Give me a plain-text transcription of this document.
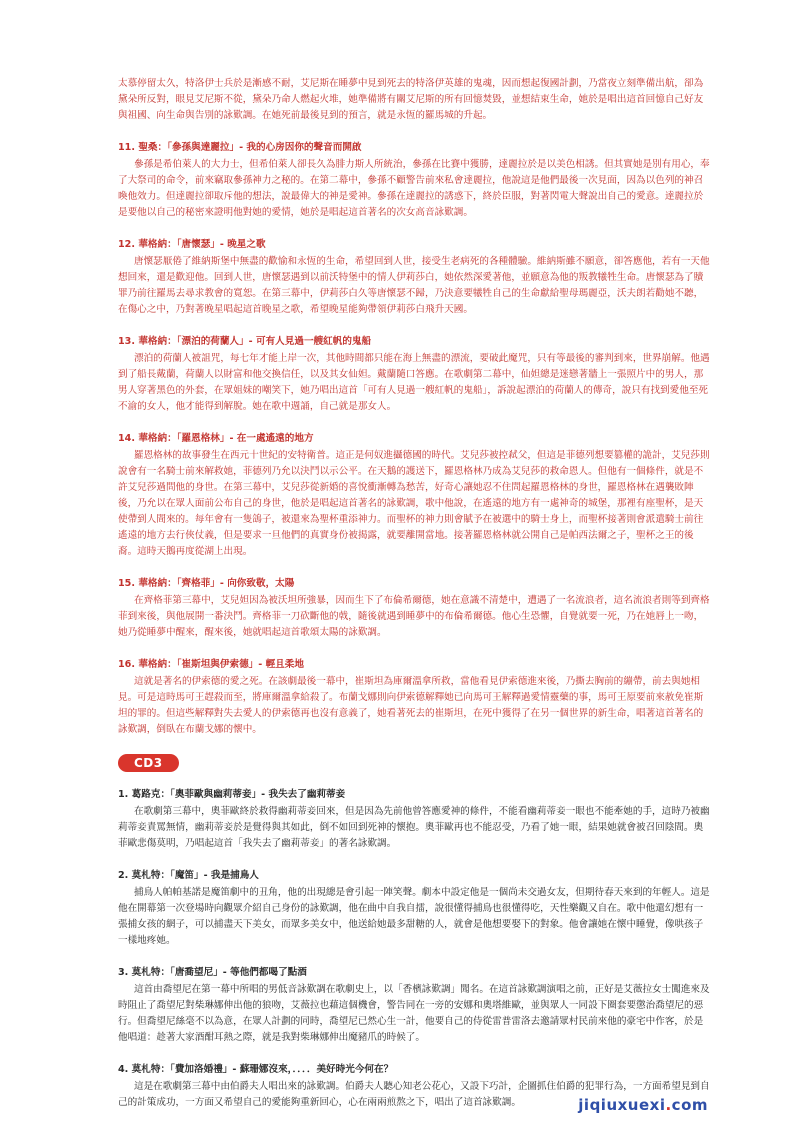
太慕停留太久，特洛伊士兵於是漸感不耐，艾尼斯在睡夢中見到死去的特洛伊英雄的鬼魂，因而想起復國計劃，乃當夜立刻準備出航，卻為黛朵所反對，眼見艾尼斯不從，黛朵乃命人燃起火堆，她準備將有關艾尼斯的所有回憶焚毀，並想結束生命，她於是唱出這首回憶自己好友與祖國、向生命與告別的詠歎調。在她死前最後見到的預言，就是永恆的羅馬城的升起。

11. 聖桑：「參孫與達麗拉」- 我的心房因你的聲音而開啟

參孫是希伯萊人的大力士，但希伯萊人卻長久為腓力斯人所統治，參孫在比賽中獲勝，達麗拉於是以美色相誘。但其實她是別有用心，奉了大祭司的命令，前來竊取參孫神力之秘的。在第二幕中，參孫不顧警告前來私會達麗拉，他說這是他們最後一次見面，因為以色列的神召喚他效力。但達麗拉卻取斥他的想法，說最偉大的神是愛神。參孫在達麗拉的誘惑下，終於臣服，對著閃電大聲說出自己的愛意。達麗拉於是要他以自己的秘密來證明他對她的愛情，她於是唱起這首著名的次女高音詠歎調。

12. 華格納：「唐懷瑟」- 晚星之歌

唐懷瑟厭倦了維納斯堡中無盡的歡愉和永恆的生命，希望回到人世，接受生老病死的各種體驗。維納斯雖不願意，卻答應他，若有一天他想回來，還是歡迎他。回到人世，唐懷瑟遇到以前沃特堡中的情人伊莉莎白，她依然深愛著他，並願意為他的叛教犧牲生命。唐懷瑟為了贖罪乃前往羅馬去尋求教會的寬恕。在第三幕中，伊莉莎白久等唐懷瑟不歸，乃決意要犧牲自己的生命獻給聖母瑪麗亞，沃夫朗若勸她不聽，在傷心之中，乃對著晚星唱起這首晚星之歌，希望晚星能夠帶領伊莉莎白飛升天國。

13. 華格納：「漂泊的荷蘭人」- 可有人見過一艘紅帆的鬼船

漂泊的荷蘭人被詛咒，每七年才能上岸一次，其他時間都只能在海上無盡的漂流，要破此魔咒，只有等最後的審判到來，世界崩解。他遇到了船長戴蘭，荷蘭人以財富和他交換信任，以及其女仙妲。戴蘭隨口答應。在歌劇第二幕中，仙妲總是迷戀著牆上一張照片中的男人，那男人穿著黑色的外套，在眾姐妹的嘲笑下，她乃唱出這首「可有人見過一艘紅帆的鬼船」，訴說起漂泊的荷蘭人的傳奇，說只有找到愛他至死不渝的女人，他才能得到解脫。她在歌中週誦，自己就是那女人。

14. 華格納：「羅恩格林」- 在一處遙遠的地方

羅恩格林的故事發生在西元十世紀的安特衛普。這正是何奴進攝德國的時代。艾兒莎被控弒父，但這是菲德列想要篡權的詭計，艾兒莎則說會有一名騎士前來解救她，菲德列乃允以決鬥以示公平。在天鵝的護送下，羅恩格林乃成為艾兒莎的救命恩人。但他有一個條件，就是不許艾兒莎過問他的身世。在第三幕中，艾兒莎從新婚的喜悅衝漸轉為愁苦，好奇心讓她忍不住問起羅恩格林的身世，羅恩格林在遇襲敗陣後，乃允以在眾人面前公布自己的身世，他於是唱起這首著名的詠歎調，歌中他說，在遙遠的地方有一處神奇的城堡，那裡有座聖杯，是天使帶到人間來的。每年會有一隻鴿子，被還來為聖杯重添神力。而聖杯的神力則會賦予在被選中的騎士身上，而聖杯接著則會派遣騎士前往遙遠的地方去行俠仗義，但是要求一旦他們的真實身份被揭露，就要離開當地。接著羅恩格林就公開自己是帕西法爾之子，聖杯之王的後裔。這時天鵝再度從湖上出現。

15. 華格納：「齊格菲」- 向你致敬，太陽

在齊格菲第三幕中，艾兒妲因為被沃坦所強暴，因而生下了布倫希爾德，她在意識不清楚中，遭遇了一名流浪者，這名流浪者則等到齊格菲到來後，與他展開一番決鬥。齊格菲一刀砍斷他的戟，隨後就遇到睡夢中的布倫希爾德。他心生恐懼，自覺就要一死，乃在她唇上一吻，她乃從睡夢中醒來，醒來後，她就唱起這首歌頌太陽的詠歎調。

16. 華格納：「崔斯坦與伊索德」- 輕且柔地

這就是著名的伊索德的愛之死。在該劇最後一幕中，崔斯坦為庫爾溫拿所救，當他看見伊索德進來後，乃撕去胸前的繃帶，前去與她相見。可是這時馬可王趕殺而至，將庫爾溫拿給殺了。布蘭戈娜則向伊索德解釋她已向馬可王解釋過愛情靈藥的事，馬可王原要前來赦免崔斯坦的罪的。但這些解釋對失去愛人的伊索德再也沒有意義了，她看著死去的崔斯坦，在死中獲得了在另一個世界的新生命，唱著這首著名的詠歎調，倒臥在布蘭戈娜的懷中。

CD3
1. 葛路克：「奧菲歐與幽莉蒂妾」- 我失去了幽莉蒂妾

在歌劇第三幕中，奧菲歐終於救得幽莉蒂妾回來，但是因為先前他曾答應愛神的條件，不能看幽莉蒂妾一眼也不能牽她的手，這時乃被幽莉蒂妾責罵無情，幽莉蒂妾於是覺得與其如此，倒不如回到死神的懷抱。奧菲歐再也不能忍受，乃看了她一眼，結果她就會被召回陰間。奧菲歐悲傷莫明，乃唱起這首「我失去了幽莉蒂妾」的著名詠歎調。

2. 莫札特：「魔笛」- 我是捕鳥人

捕鳥人帕帕基諾是魔笛劇中的丑角，他的出現總是會引起一陣笑聲。劇本中設定他是一個尚未交過女友，但期待春天來到的年輕人。這是他在開幕第一次登場時向觀眾介紹自己身份的詠歎調，他在曲中自我自擂，說很懂得捕鳥也很懂得吃，天性樂觀又自在。歌中他還幻想有一張捕女孩的網子，可以捕盡天下美女，而眾多美女中，他送給她最多甜糖的人，就會是他想要娶下的對象。他會讓她在懷中睡覺，像哄孩子一樣地疼她。

3. 莫札特：「唐喬望尼」- 等他們都喝了點酒

這首由喬望尼在第一幕中所唱的男低音詠歎調在歌劇史上，以「香檳詠歎調」聞名。在這首詠歎調演唱之前，正好是艾薇拉女士闖進來及時阻止了喬望尼對柴琳娜伸出他的狼吻，艾薇拉也藉這個機會，警告同在一旁的安娜和奧塔維歐，並與眾人一同設下圈套要懲治喬望尼的惡行。但喬望尼絲毫不以為意，在眾人計劃的同時，喬望尼已然心生一計，他要自己的侍從雷普雷洛去邀請眾村民前來他的豪宅中作客，於是他唱道：趁著大家酒酣耳熱之際，就是我對柴琳娜伸出魔豬爪的時候了。

4. 莫札特：「費加洛婚禮」- 蘇珊娜沒來，．．．．美好時光今何在？

這是在歌劇第三幕中由伯爵夫人唱出來的詠歎調。伯爵夫人聽心知老公花心，又設下巧計，企圖抓住伯爵的犯罪行為，一方面希望見到自己的計策成功，一方面又希望自己的愛能夠重新回心，心在兩兩煎熬之下，唱出了這首詠歎調。	jiqiuxuexi.com
